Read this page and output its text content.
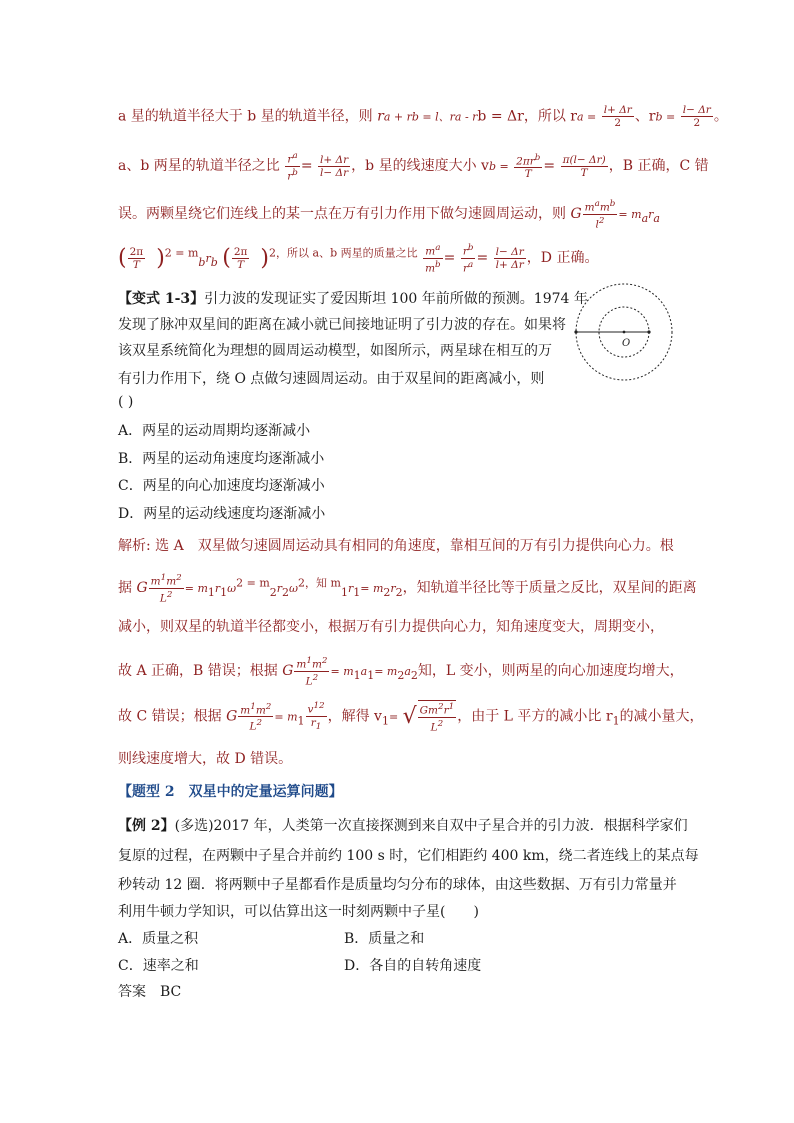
a 星的轨道半径大于 b 星的轨道半径，则 ra + rb = l、ra - rb = Δr，所以 ra = $\frac{l+ \Delta r}{2}$ 、rb = $\frac{l- \Delta r}{2}$ 。
a、b 两星的轨道半径之比 $\frac{r^a}{r^b} = \frac{l+ \Delta r}{l- \Delta r}$ ，b 星的线速度大小 vb = $\frac{2\pi r^b}{T} = \frac{\pi(l- \Delta r)}{T}$ ，B 正确，C 错
误。两颗星绕它们连线上的某一点在万有引力作用下做匀速圆周运动，则 G $\frac{m^am^b}{l^2} = m_ar_a$
( $\frac{2\pi}{T} )^{2 = m}_br_b$ ( $\frac{2\pi}{T} )^{2,所以 a、b 两星的质量之比} \frac{m^a}{m^b} = \frac{r^b}{r^a} = \frac{l- \Delta r}{l+ \Delta r}$ ，D 正确。
【变式 1-3】引力波的发现证实了爱因斯坦 100 年前所做的预测。1974 年
发现了脉冲双星间的距离在减小就已间接地证明了引力波的存在。如果将
该双星系统简化为理想的圆周运动模型，如图所示，两星球在相互的万
有引力作用下，绕 O 点做匀速圆周运动。由于双星间的距离减小，则
( )
O
A．两星的运动周期均逐渐减小
B．两星的运动角速度均逐渐减小
C．两星的向心加速度均逐渐减小
D．两星的运动线速度均逐渐减小
解析: 选 A　双星做匀速圆周运动具有相同的角速度，靠相互间的万有引力提供向心力。根
据 G $\frac{m^1m^2}{L^2} = m_1r_1\omega^{2 = m}_2r_2\omega^{2,知 m}_1r_1= m_2r_2$，知轨道半径比等于质量之反比，双星间的距离
减小，则双星的轨道半径都变小，根据万有引力提供向心力，知角速度变大，周期变小，
故 A 正确，B 错误；根据 G $\frac{m^1m^2}{L^2} = m_1a_1= m_2a_2$知，L 变小，则两星的向心加速度均增大，
故 C 错误；根据 G $\frac{m^1m^2}{L^2} = m_1 \frac{v^{12}}{r_1}$ ，解得 $v_1=$ √ $\frac{Gm^2r^1}{L^2}$ ，由于 L 平方的减小比 $r_1$的减小量大，
则线速度增大，故 D 错误。
【题型 2　双星中的定量运算问题】
【例 2】(多选)2017 年，人类第一次直接探测到来自双中子星合并的引力波．根据科学家们
复原的过程，在两颗中子星合并前约 100 s 时，它们相距约 400 km，绕二者连线上的某点每
秒转动 12 圈．将两颗中子星都看作是质量均匀分布的球体，由这些数据、万有引力常量并
利用牛顿力学知识，可以估算出这一时刻两颗中子星(　　)
A．质量之积	B．质量之和
C．速率之和	D．各自的自转角速度
答案　BC
